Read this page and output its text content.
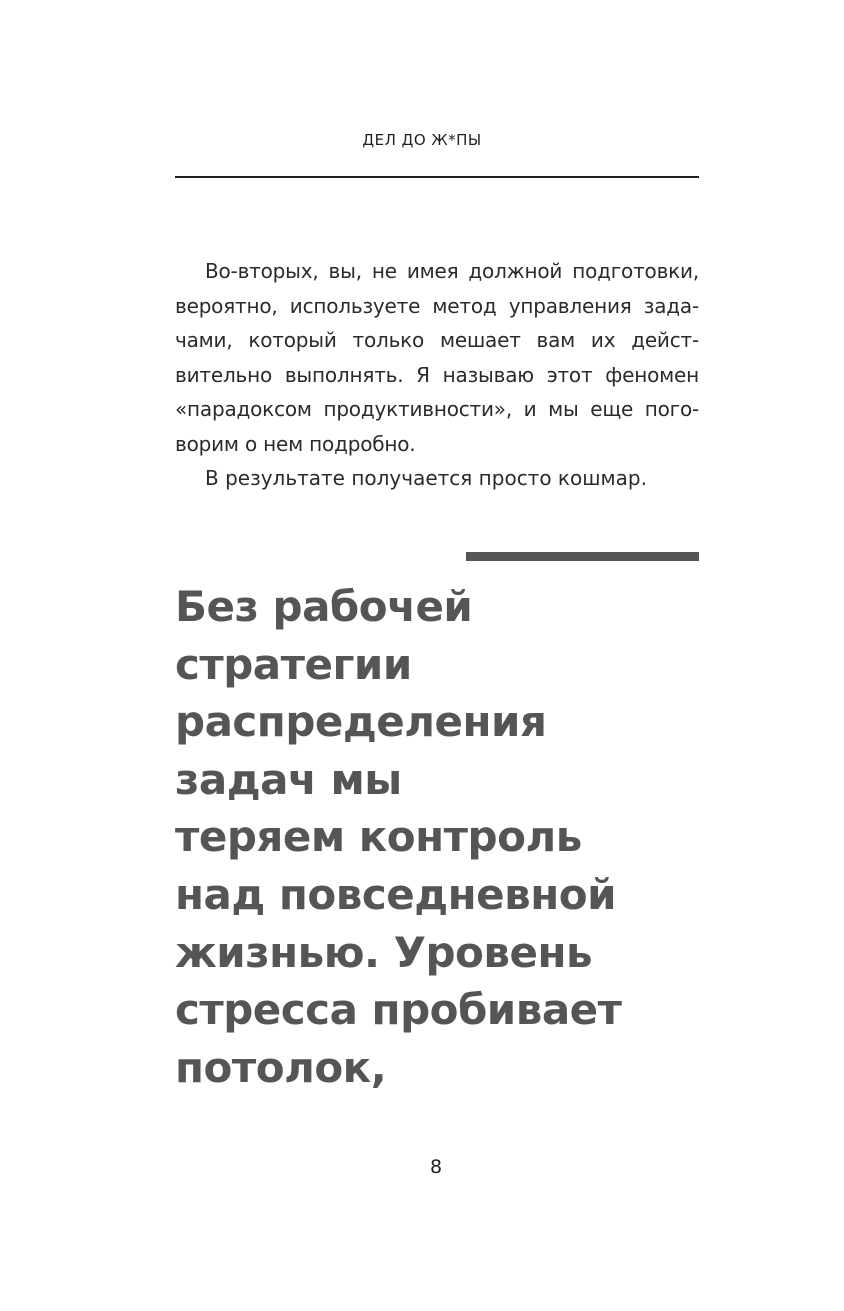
ДЕЛ ДО Ж*ПЫ
Во-вторых, вы, не имея должной подготовки,
вероятно, используете метод управления зада-
чами, который только мешает вам их дейст-
вительно выполнять. Я называю этот феномен
«парадоксом продуктивности», и мы еще пого-
ворим о нем подробно.

В результате получается просто кошмар.

Без рабочей
стратегии
распределения
задач мы
теряем контроль
над повседневной
жизнью. Уровень
стресса пробивает
потолок,
8
